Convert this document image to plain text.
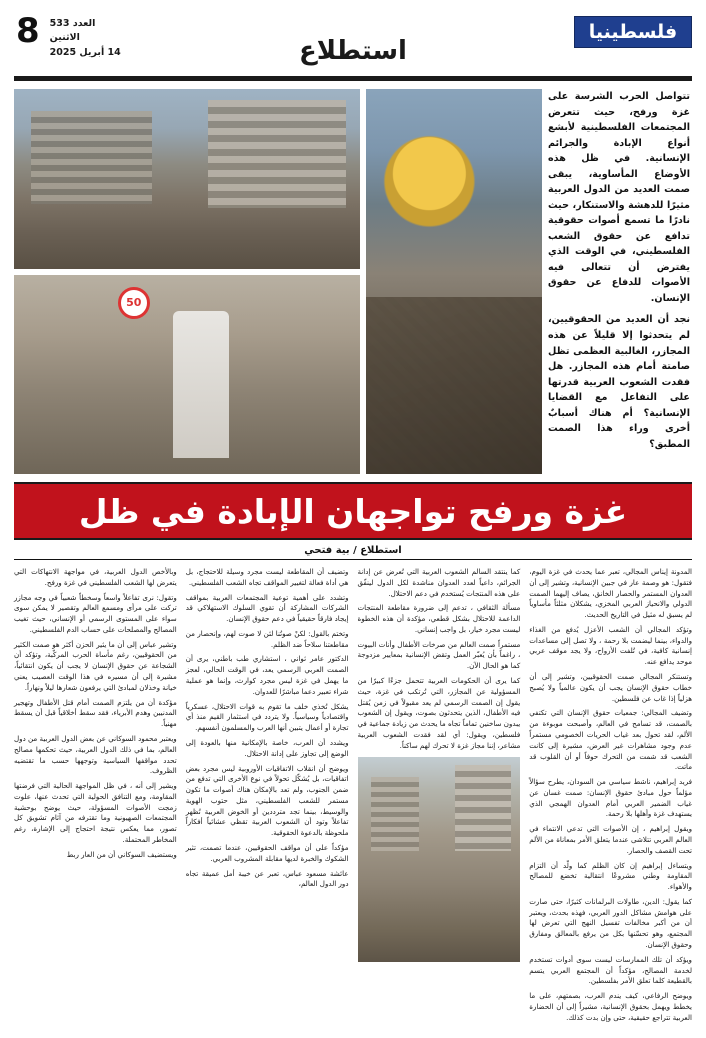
فلسطينيا
استطلاع
العدد 533
الاثنين
14 أبريل 2025
8

تتواصل الحرب الشرسة على غزة ورفح، حيث تتعرض المجتمعات الفلسطينية لأبشع أنواع الإبادة والجرائم الإنسانية. في ظل هذه الأوضاع المأساوية، يبقى صمت العديد من الدول العربية مثيرًا للدهشة والاستنكار، حيث نادرًا ما تسمع أصوات حقوقية تدافع عن حقوق الشعب الفلسطيني، في الوقت الذي يفترض أن تتعالى فيه الأصوات للدفاع عن حقوق الإنسان.

نجد أن العديد من الحقوقيين، لم يتحدثوا إلا قليلاً عن هذه المجازر، الغالبية العظمى تظل صامتة أمام هذه المجازر. هل فقدت الشعوب العربية قدرتها على التفاعل مع القضايا الإنسانية؟ أم هناك أسبابٌ أخرى وراء هذا الصمت المطبق؟

50
غزة ورفح تواجهان الإبادة في ظل
استطلاع / بية فتحي

المدونة إيناس المجالي، تعبر عما يحدث في غزة اليوم، فتقول: هو وصمة عار في جبين الإنسانية، وتشير إلى أن العدوان المستمر والحصار الخانق، يصاف إليهما الصمت الدولي والانحياز العربي المخزي، يشكلان مثلثاً مأساوياً لم يسبق له مثيل في التاريخ الحديث.

وتؤكد المجالي أن الشعب الأعزل يُدفع من الغذاء والدواء، بينما ليضمت بلا رحمة ، ولا تصل إلى مساعدات إنسانية كافية، في تُلفت الأرواح، ولا يجد موقف عربي موحد يدافع عنه.

وتستنكر المجالي صمت الحقوقيين، وتشير إلى أن خطاب حقوق الإنسان يجب أن يكون عالمياً ولا يُصبح هزلياً إذا غاب عن فلسطين.

وتضيف المجالي: جمعيات حقوق الإنسان التي تكتفي بالصمت، قد تسامح في العالم، وأصبحت موبوءة من الألم، لقد تحول بعد غياب الحريات الخصومي مستمراً عدم وجود مشاهرات غير العرض، مشيرة إلى كانت الشعب قد شمت من التحرك حوفاً أو أن القلوب قد ماتت.

فريد إبراهيم، ناشط سياسي من السودان، يطرح سؤالاً مؤلماً حول مبادئ حقوق الإنسان: صمت غسان عن غياب الضمير العربي أمام العدوان الهمجي الذي يستهدف غزة وأهلها بلا رحمة.

ويقول إبراهيم ، إن الأصوات التي تدعي الانتماء في العالم العربي تتلاشى عندما يتعلق الأمر بمعاناة من الألم تحت القصف والحصار.

ويتساءل إبراهيم إن كان الظلم كما ولّد أن التزام المقاومة وطني مشروعًا انتقالية تخضع للمصالح والأهواء.

كما يقول: الدين، طاولات البرلمانات كثيرًا، حتى صارت على هوامش مشاكل الدور العربي، فهذه بحدث، ويعتبر أن من أكبر مخالفات تفسيل النهج التي تعرض لها المجتمع، وهو تحسّنها بكل من يرفع بالمعالق ومفارق وحقوق الإنسان.

ويؤكد أن تلك الممارسات ليست سوى أدوات تستخدم لخدمة المصالح، مؤكداً أن المجتمع العربي يتسم بالقطيعة كلما تعلق الأمر بفلسطين.

ويوضح الرفاعي، كيف يندم العرب، بصمتهم، على ما يخطط ويهمل بحقوق الإنسانية، مشيراً إلى أن الحضارة العربية تتراجع حقيقية، حتى وإن بدت كذلك.

كما ينتقد السالم الشعوب العربية التي تُعرض عن إدانة الجرائم، داعياً لعدد العدوان مناشدة لكل الدول لينفّق على هذه المنتجات يُستخدم في دعم الاحتلال.

مسألة الثقافي ، تدعم إلى ضرورة مقاطعة المنتجات الداعمة للاحتلال بشكل قطعي، مؤكدة أن هذه الخطوة ليست مجرد خيار، بل واجب إنساني.

مستمراً صمت العالم من صرخات الأطفال وأنات البيوت ، راغماً بأن يُعبّر العمل وتقض الإنسانية بمعايير مزدوجة كما هو الحال الآن.

كما يرى أن الحكومات العربية تتحمل جزءًا كبيرًا من المسؤولية عن المجازر، التي تُرتكب في غزة، حيث يقول إن الصمت الرسمي لم يعد مقبولاً في زمن يُقتل فيه الأطفال، الذين يتحدثون بصوت، ويقول إن الشعوب يبدون ساخنين تماماً تجاه ما يحدث من زيادة جماعية في فلسطين، ويقول: أي لقد فقدت الشعوب العربية مشاعر، إننا مجاز غزة لا تحرك لهم ساكناً.

وتضيف أن المقاطعة ليست مجرد وسيلة للاحتجاج، بل هي أداة فعالة لتغيير المواقف تجاه الشعب الفلسطيني.

وتشدد على أهمية توعية المجتمعات العربية بمواقف الشركات المشاركة أن تقوي السلوك الاستهلاكي قد إيجاد فارقاً حقيقياً في دعم حقوق الإنسان.

وتختم بالقول: لكنْ صوتُنا لئن لا صوت لهم، وإنحصار من مقاطعتنا سلاحاً ضد الظلم.

الدكتور عامر ثواني ، استشاري طب باطني، يرى أن الصمت العربي الرسمي يعد، في الوقت الحالي، لعجز ما يهمل في غزة ليس مجرد كوارث، وإنما هو عملية شراء تعبير دعما مباشرًا للعدوان.

يشكل تُخذي خلف ما تقوم به قوات الاحتلال، عسكرياً واقتصادياً وسياسياً. ولا يتردد في استثمار القيم منذ أي تجارة أو أعمال يتبين أنها العرب والمسلمون أنفسهم.

ويشدد أن العرب، خاصة بالإمكانية منها بالعودة إلى الوضع إلى تجاوز على إدانة الاحتلال.

ويوضح أن انقلاب الاتفاقيات الأوروبية ليس مجرد بعض اتفاقيات، بل يُشكّل تحولاً في نوع الأخرى التي تدفع من ضمن الجنوب، ولم تعد بالإمكان هناك أصوات ما تكون مستمر للشعب الفلسطيني، مثل حتوب الهوية والوسيط، بينما تجد مترددين أو الخوض العربية تُظهر تفاعلاً وتود أن الشعوب العربية تقظي عشائياً أفكاراً ملحوظة بالدعوة الحقوقية.

مؤكداً على أن مواقف الحقوقيين، عندما تصمت، تثير الشكوك والخبرة لديها مقابلة المشروب العربي.

عائشة مسعود عباس، تعبر عن خيبة أمل عميقة تجاه دور الدول العالم،

وبالأخص الدول العربية، في مواجهة الانتهاكات التي يتعرض لها الشعب الفلسطيني في غزة ورفح.

وتقول: نرى تفاعلاً واسعاً وسخطاً شعبياً في وجه مجازر تركت على مرأى ومسمع العالم وتقصير لا يمكن سوى سواء على المستوى الرسمي أو الإنساني، حيث تغيب المصالح والمصلحات على حساب الدم الفلسطيني.

وتشير عباس إلى أن ما يثير الحزن أكثر هو صمت الكثير من الحقوقيين، رغم مأساة الحرب المركّبة، وتؤكد أن الشجاعة عن حقوق الإنسان لا يجب أن يكون انتقائياً، مشيرة إلى أن مسيره في هذا الوقت العصيب يعني خيانة وخذلان لمبادئ التي يرفعون شعارها ليلاً ونهاراً.

مؤكدة أن من يلتزم الصمت أمام قتل الأطفال وتهجير المدنيين وهدم الأبرياء، فقد سقط أخلاقياً قبل أن يسقط مهنياً.

ويعتبر محمود السوكاني عن بعض الدول العربية من دول العالم، بما في ذلك الدول العربية، حيث تحكمها مصالح تحدد مواقفها السياسية وتوجهها حسب ما تقتضيه الظروف.

ويشير إلى أنه ، في ظل المواجهة الحالية التي فرضتها المقاومة، ومع التنافق الحولية التي تحدث عنها، علوت زمجت الأصوات المسؤولة، حيث يوضح بوحشية المجتمعات الصهيونية وما تقترفه من آثام تشويق كل تصور، مما يعكس نتيجة احتجاج إلى الإشارة، رغم المخاطر المحتملة.

ويستضيف السوكاني أن من العار ربط
